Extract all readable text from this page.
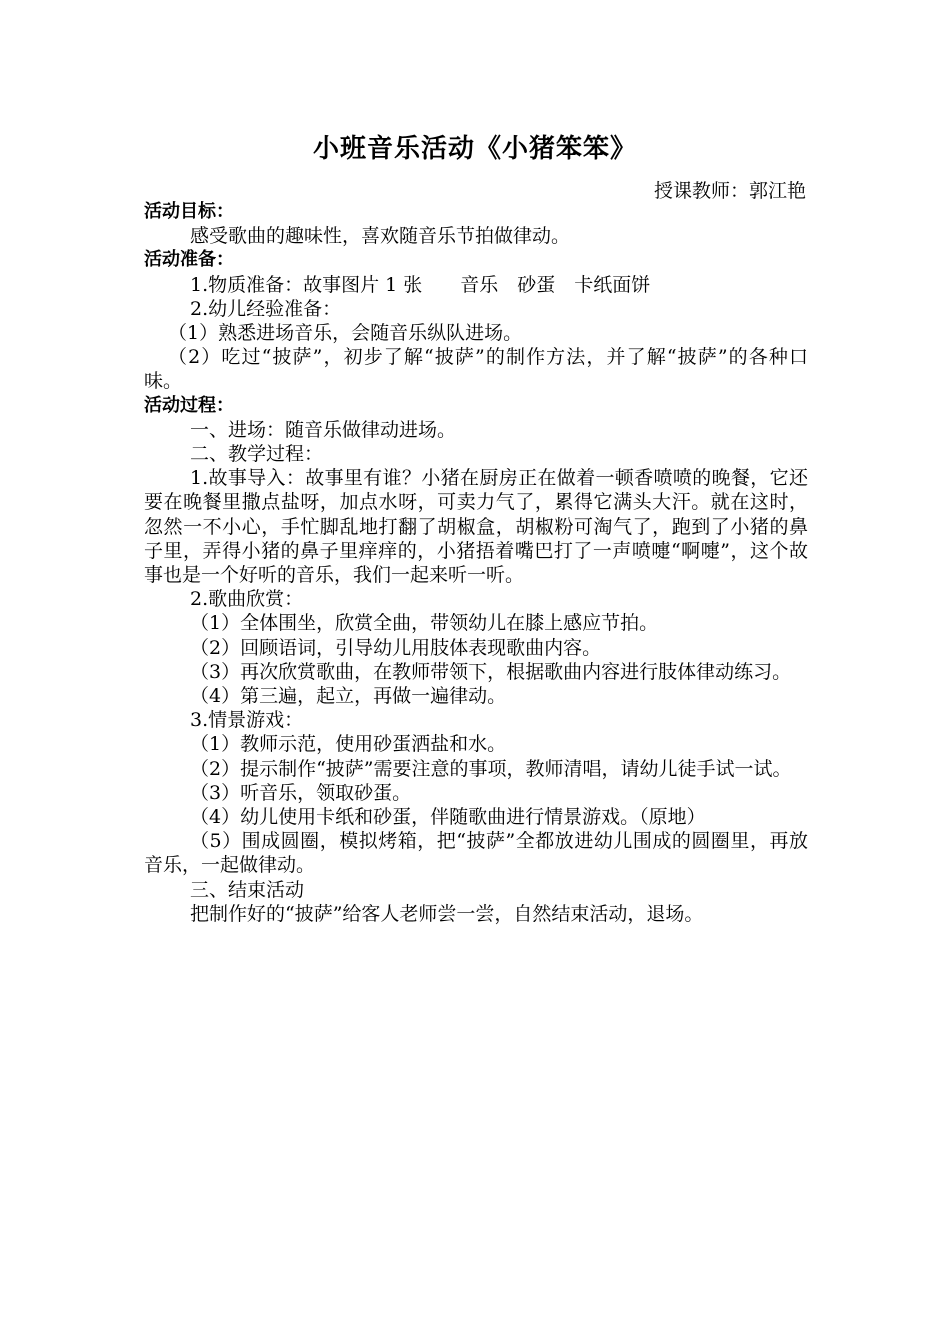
小班音乐活动《小猪笨笨》
授课教师：郭江艳

活动目标：

感受歌曲的趣味性，喜欢随音乐节拍做律动。

活动准备：

1.物质准备：故事图片 1 张　　音乐　砂蛋　卡纸面饼

2.幼儿经验准备：

（1）熟悉进场音乐，会随音乐纵队进场。

（2）吃过“披萨”，初步了解“披萨”的制作方法，并了解“披萨”的各种口味。

活动过程：

一、进场：随音乐做律动进场。

二、教学过程：

1.故事导入：故事里有谁？小猪在厨房正在做着一顿香喷喷的晚餐，它还要在晚餐里撒点盐呀，加点水呀，可卖力气了，累得它满头大汗。就在这时，忽然一不小心，手忙脚乱地打翻了胡椒盒，胡椒粉可淘气了，跑到了小猪的鼻子里，弄得小猪的鼻子里痒痒的，小猪捂着嘴巴打了一声喷嚏“啊嚏”，这个故事也是一个好听的音乐，我们一起来听一听。

2.歌曲欣赏：

（1）全体围坐，欣赏全曲，带领幼儿在膝上感应节拍。

（2）回顾语词，引导幼儿用肢体表现歌曲内容。

（3）再次欣赏歌曲，在教师带领下，根据歌曲内容进行肢体律动练习。

（4）第三遍，起立，再做一遍律动。

3.情景游戏：

（1）教师示范，使用砂蛋洒盐和水。

（2）提示制作“披萨”需要注意的事项，教师清唱，请幼儿徒手试一试。

（3）听音乐，领取砂蛋。

（4）幼儿使用卡纸和砂蛋，伴随歌曲进行情景游戏。（原地）

（5）围成圆圈，模拟烤箱，把“披萨”全都放进幼儿围成的圆圈里，再放音乐，一起做律动。

三、结束活动

把制作好的“披萨”给客人老师尝一尝，自然结束活动，退场。
